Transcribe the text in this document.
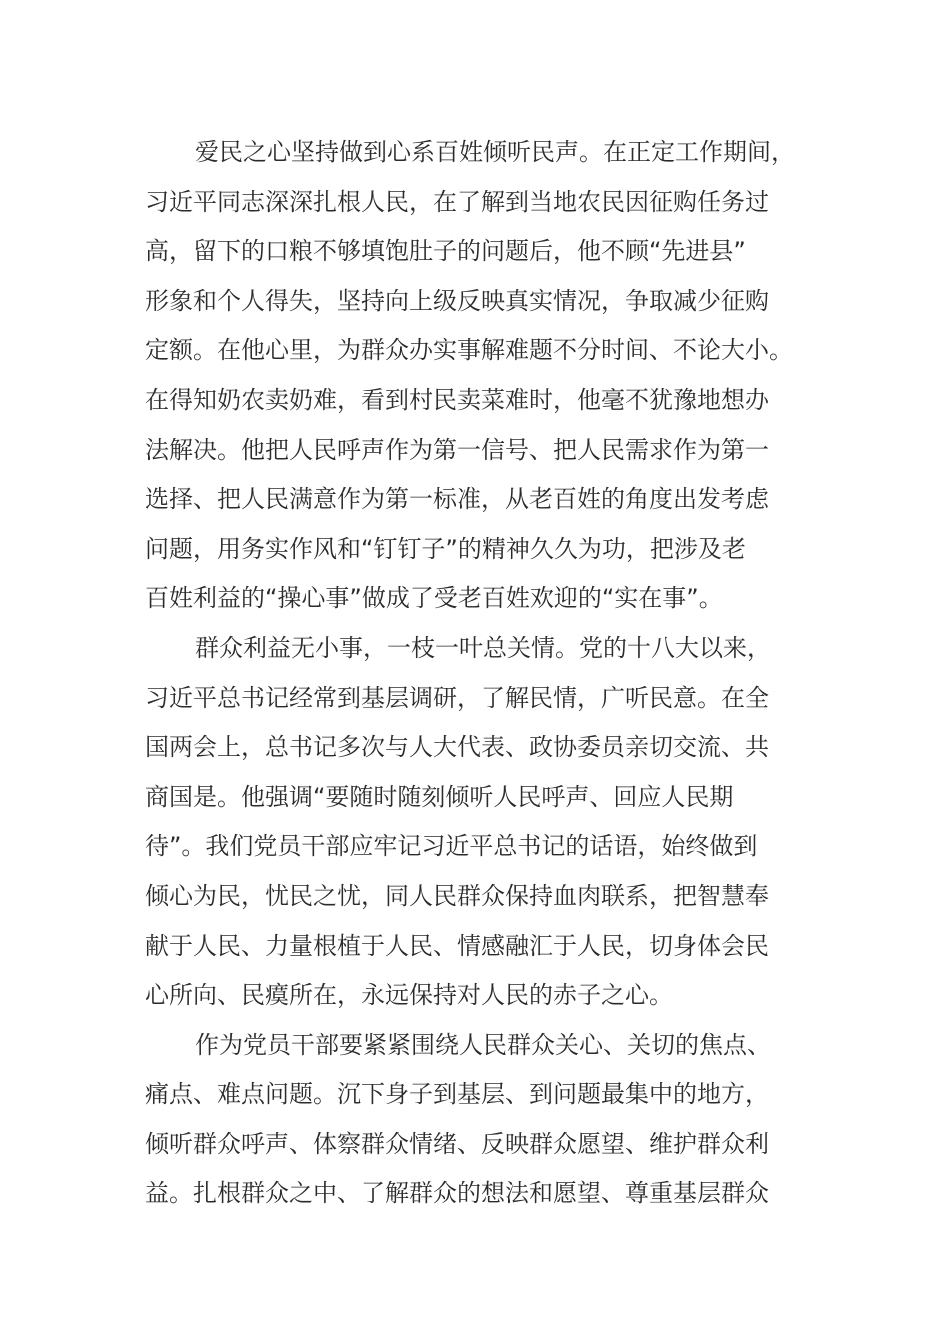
爱民之心坚持做到心系百姓倾听民声。在正定工作期间，
习近平同志深深扎根人民，在了解到当地农民因征购任务过
高，留下的口粮不够填饱肚子的问题后，他不顾“先进县”
形象和个人得失，坚持向上级反映真实情况，争取减少征购
定额。在他心里，为群众办实事解难题不分时间、不论大小。
在得知奶农卖奶难，看到村民卖菜难时，他毫不犹豫地想办
法解决。他把人民呼声作为第一信号、把人民需求作为第一
选择、把人民满意作为第一标准，从老百姓的角度出发考虑
问题，用务实作风和“钉钉子”的精神久久为功，把涉及老
百姓利益的“操心事”做成了受老百姓欢迎的“实在事”。
群众利益无小事，一枝一叶总关情。党的十八大以来，
习近平总书记经常到基层调研，了解民情，广听民意。在全
国两会上，总书记多次与人大代表、政协委员亲切交流、共
商国是。他强调“要随时随刻倾听人民呼声、回应人民期
待”。我们党员干部应牢记习近平总书记的话语，始终做到
倾心为民，忧民之忧，同人民群众保持血肉联系，把智慧奉
献于人民、力量根植于人民、情感融汇于人民，切身体会民
心所向、民瘼所在，永远保持对人民的赤子之心。
作为党员干部要紧紧围绕人民群众关心、关切的焦点、
痛点、难点问题。沉下身子到基层、到问题最集中的地方，
倾听群众呼声、体察群众情绪、反映群众愿望、维护群众利
益。扎根群众之中、了解群众的想法和愿望、尊重基层群众
